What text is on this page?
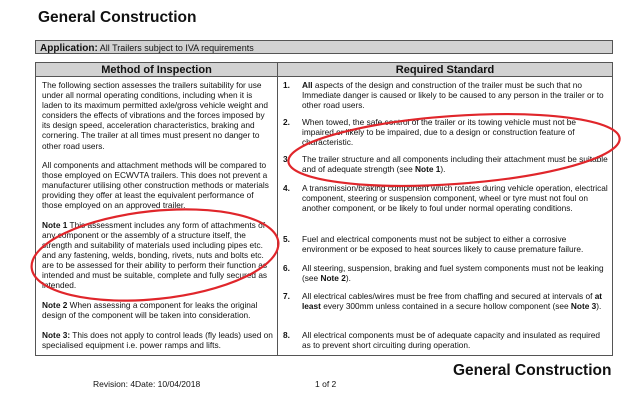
General Construction
Application: All Trailers subject to IVA requirements
Method of Inspection	Required Standard

The following section assesses the trailers suitability for use under all normal operating conditions, including when it is laden to its maximum permitted axle/gross vehicle weight and considers the effects of vibrations and the forces imposed by its design speed, acceleration characteristics, braking and cornering. The trailer at all times must present no danger to other road users.

All components and attachment methods will be compared to those employed on ECWVTA trailers. This does not prevent a manufacturer utilising other construction methods or materials providing they offer at least the equivalent performance of those employed on an approved trailer.

Note 1 This assessment includes any form of attachments of any component or the assembly of a structure itself, the strength and suitability of materials used including pipes etc. and any fastening, welds, bonding, rivets, nuts and bolts etc. are to be assessed for their ability to perform their function as intended and must be suitable, complete and fully secured as intended.

Note 2 When assessing a component for leaks the original design of the component will be taken into consideration.

Note 3: This does not apply to control leads (fly leads) used on specialised equipment i.e. power ramps and lifts.

1. All aspects of the design and construction of the trailer must be such that no Immediate danger is caused or likely to be caused to any person in the trailer or to other road users.
2. When towed, the safe control of the trailer or its towing vehicle must not be impaired or likely to be impaired, due to a design or construction feature of characteristic.
3. The trailer structure and all components including their attachment must be suitable and of adequate strength (see Note 1).
4. A transmission/braking component which rotates during vehicle operation, electrical component, steering or suspension component, wheel or tyre must not foul on another component, or be likely to foul under normal operating conditions.
5. Fuel and electrical components must not be subject to either a corrosive environment or be exposed to heat sources likely to cause premature failure.
6. All steering, suspension, braking and fuel system components must not be leaking (see Note 2).
7. All electrical cables/wires must be free from chaffing and secured at intervals of at least every 300mm unless contained in a secure hollow component (see Note 3).
8. All electrical components must be of adequate capacity and insulated as required as to prevent short circuiting during operation.
Revision: 4 Date: 10/04/2018	1 of 2
General Construction
